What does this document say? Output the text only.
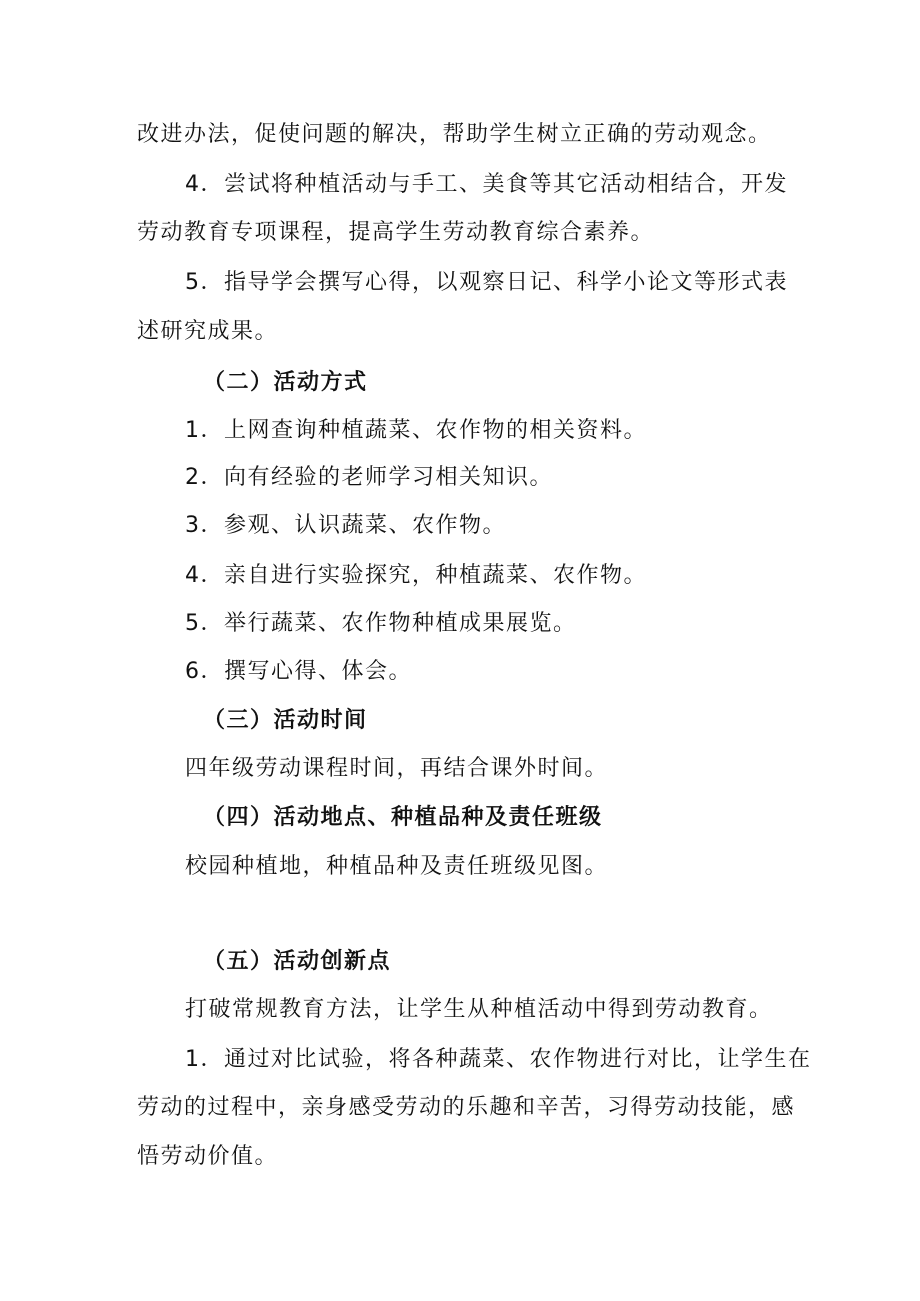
改进办法，促使问题的解决，帮助学生树立正确的劳动观念。

4．尝试将种植活动与手工、美食等其它活动相结合，开发

劳动教育专项课程，提高学生劳动教育综合素养。

5．指导学会撰写心得，以观察日记、科学小论文等形式表

述研究成果。

（二）活动方式

1．上网查询种植蔬菜、农作物的相关资料。

2．向有经验的老师学习相关知识。

3．参观、认识蔬菜、农作物。

4．亲自进行实验探究，种植蔬菜、农作物。

5．举行蔬菜、农作物种植成果展览。

6．撰写心得、体会。

（三）活动时间

四年级劳动课程时间，再结合课外时间。

（四）活动地点、种植品种及责任班级

校园种植地，种植品种及责任班级见图。

（五）活动创新点

打破常规教育方法，让学生从种植活动中得到劳动教育。

1．通过对比试验，将各种蔬菜、农作物进行对比，让学生在

劳动的过程中，亲身感受劳动的乐趣和辛苦，习得劳动技能，感

悟劳动价值。
